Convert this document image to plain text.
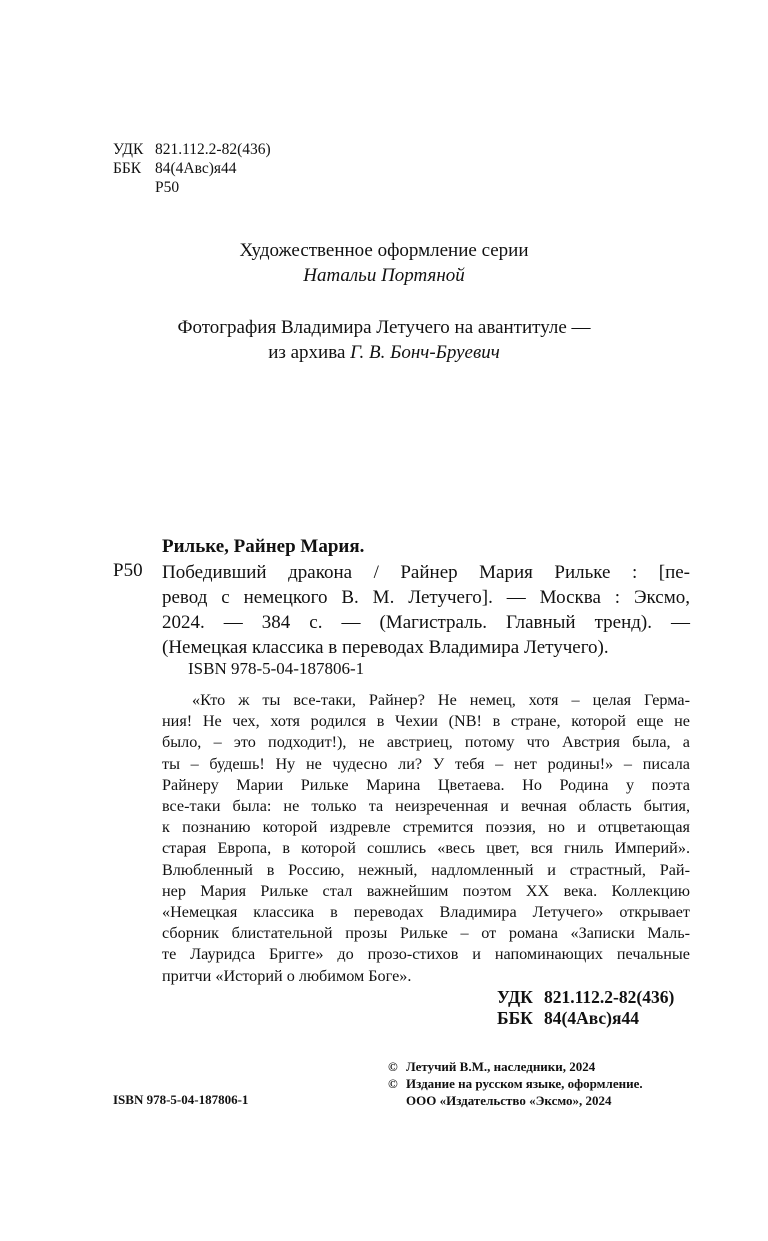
УДК 821.112.2-82(436)
ББК 84(4Авс)я44
Р50
Художественное оформление серии
Натальи Портяной
Фотография Владимира Летучего на авантитуле —
из архива Г. В. Бонч-Бруевич
Рильке, Райнер Мария.
Р50 Победивший дракона / Райнер Мария Рильке : [пе-
ревод с немецкого В. М. Летучего]. — Москва : Эксмо,
2024. — 384 с. — (Магистраль. Главный тренд). —
(Немецкая классика в переводах Владимира Летучего).
ISBN 978-5-04-187806-1
«Кто ж ты все-таки, Райнер? Не немец, хотя – целая Герма-
ния! Не чех, хотя родился в Чехии (NB! в стране, которой еще не
было, – это подходит!), не австриец, потому что Австрия была, а
ты – будешь! Ну не чудесно ли? У тебя – нет родины!» – писала
Райнеру Марии Рильке Марина Цветаева. Но Родина у поэта
все-таки была: не только та неизреченная и вечная область бытия,
к познанию которой издревле стремится поэзия, но и отцветающая
старая Европа, в которой сошлись «весь цвет, вся гниль Империй».
Влюбленный в Россию, нежный, надломленный и страстный, Рай-
нер Мария Рильке стал важнейшим поэтом XX века. Коллекцию
«Немецкая классика в переводах Владимира Летучего» открывает
сборник блистательной прозы Рильке – от романа «Записки Маль-
те Лауридса Бригге» до прозо-стихов и напоминающих печальные
притчи «Историй о любимом Боге».
УДК 821.112.2-82(436)
ББК 84(4Авс)я44
© Летучий В.М., наследники, 2024
© Издание на русском языке, оформление.
ООО «Издательство «Эксмо», 2024
ISBN 978-5-04-187806-1
